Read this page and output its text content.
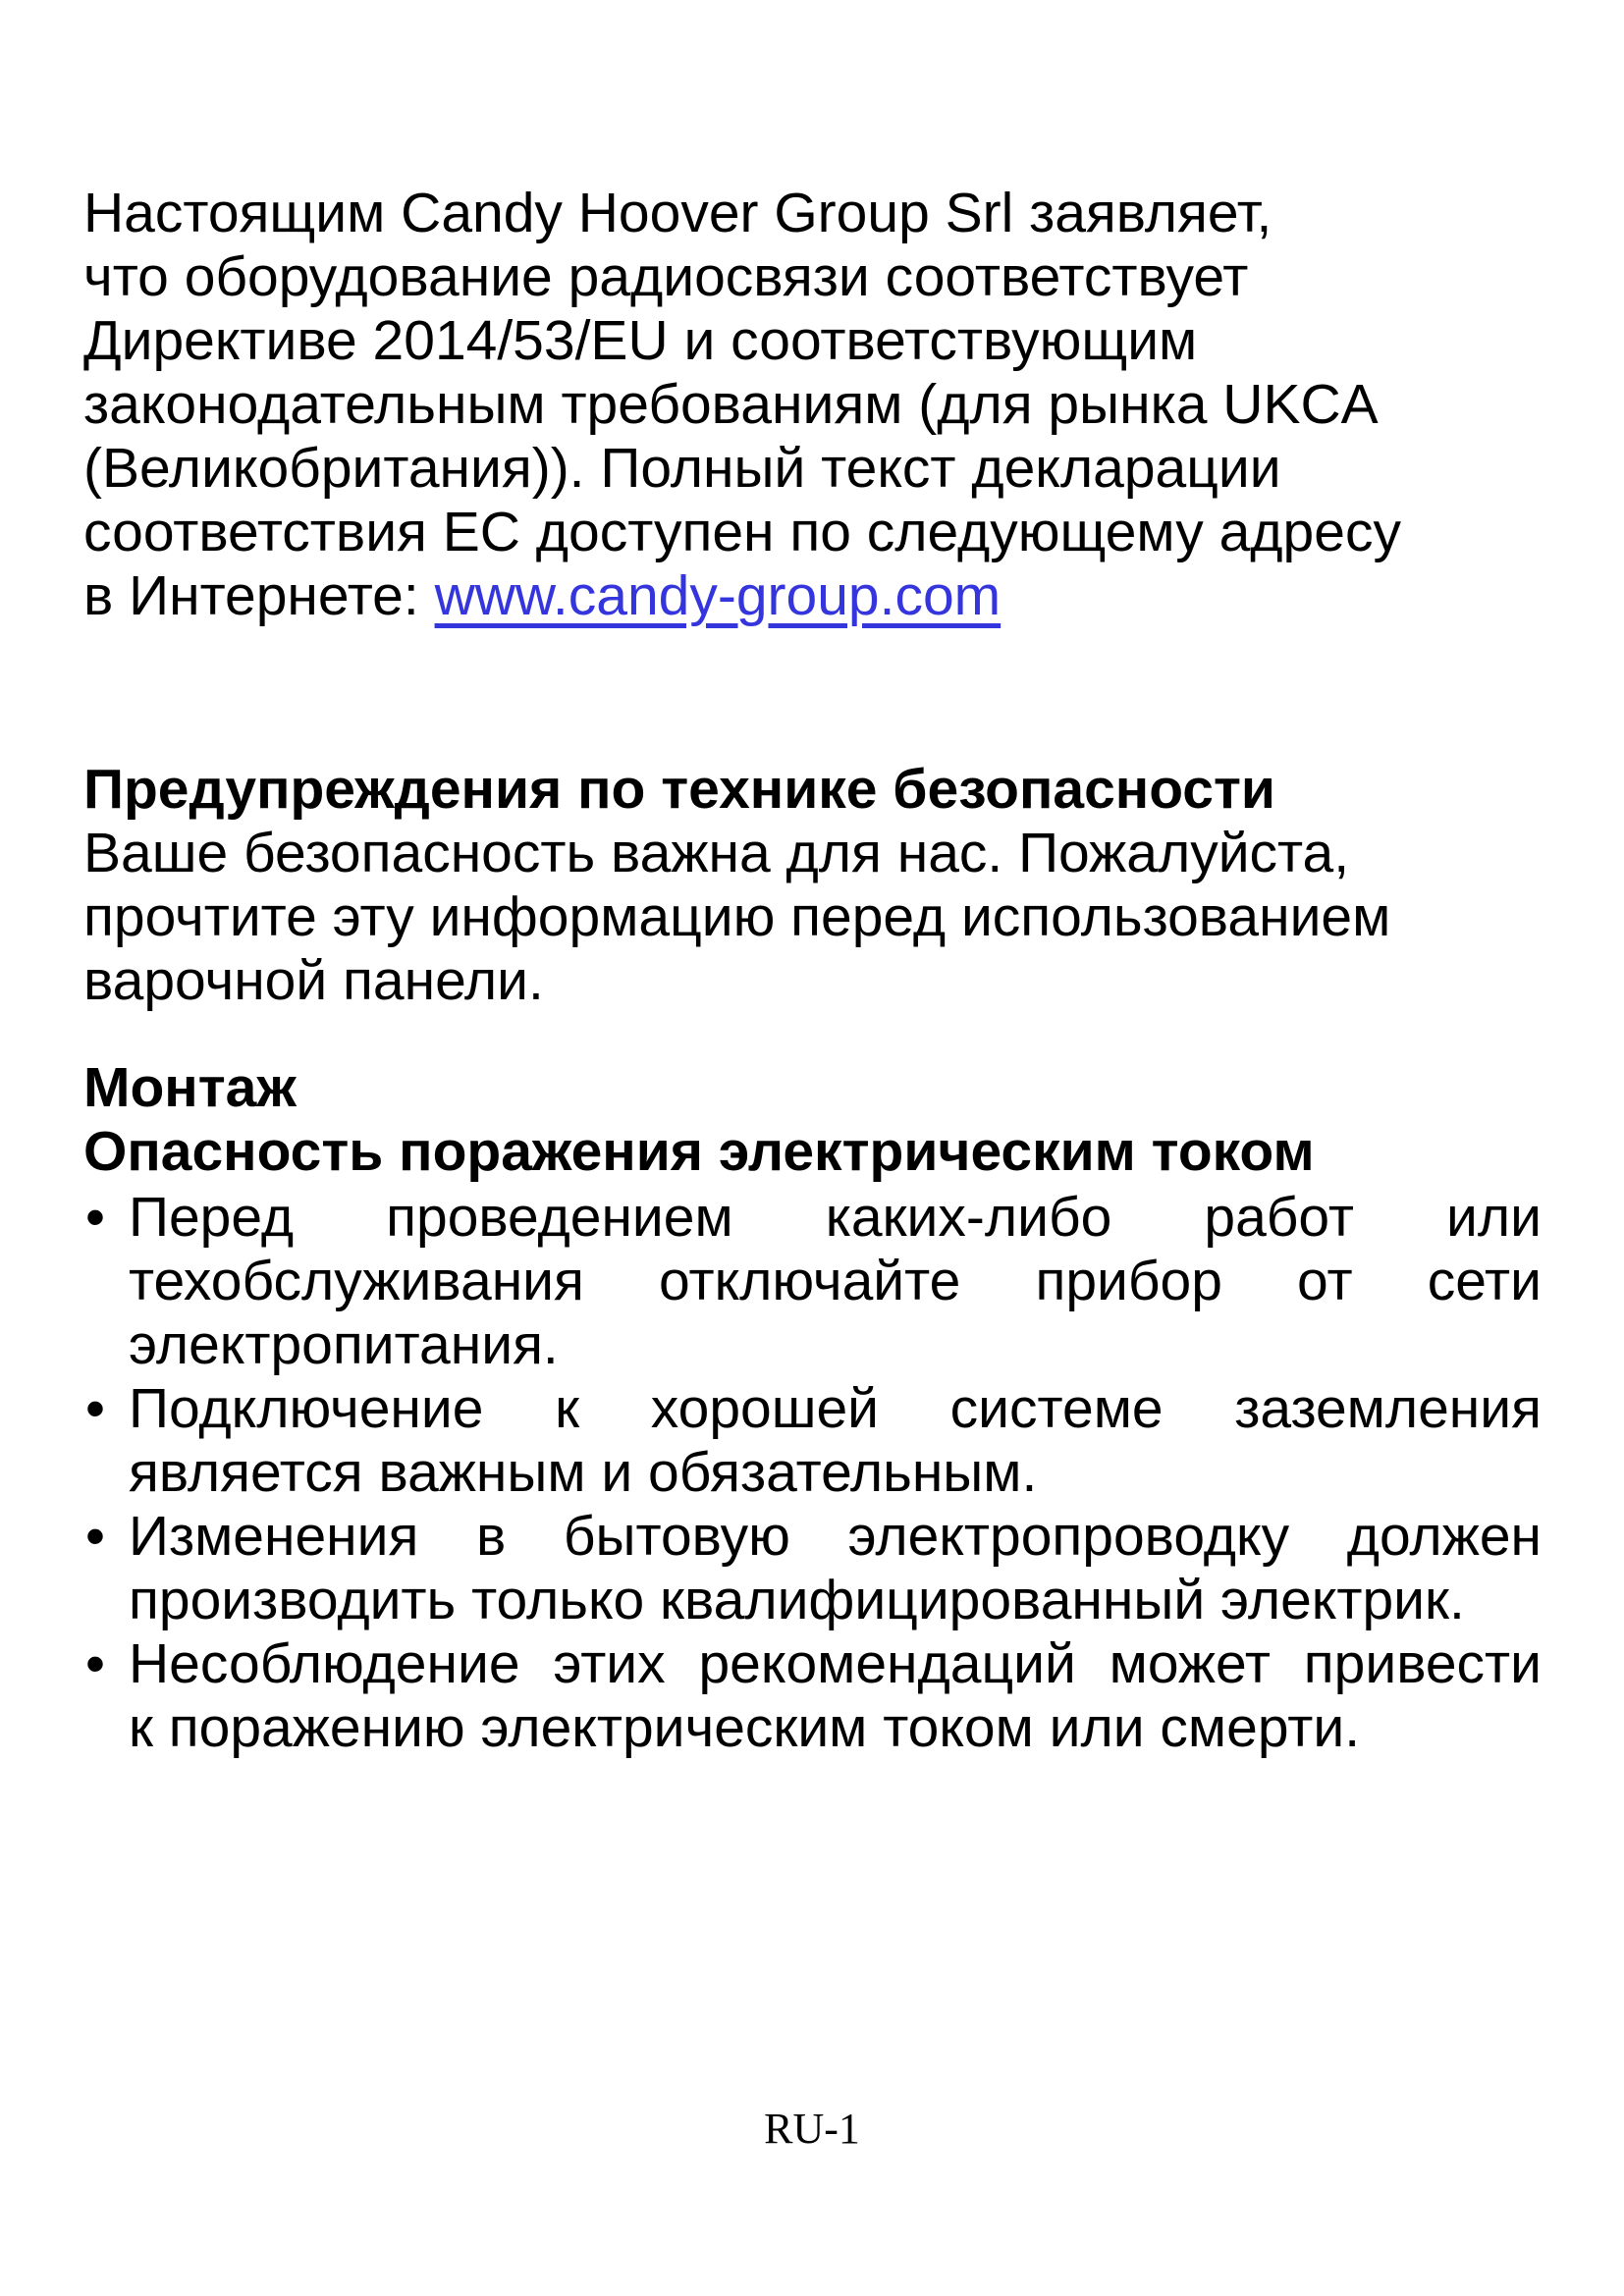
Настоящим Candy Hoover Group Srl заявляет,
что оборудование радиосвязи соответствует
Директиве 2014/53/EU и соответствующим
законодательным требованиям (для рынка UKCA
(Великобритания)). Полный текст декларации
соответствия ЕС доступен по следующему адресу
в Интернете: www.candy-group.com
Предупреждения по технике безопасности
Ваше безопасность важна для нас. Пожалуйста,
прочтите эту информацию перед использованием
варочной панели.
Монтаж
Опасность поражения электрическим током
• Перед проведением каких-либо работ или
техобслуживания отключайте прибор от сети
электропитания.
• Подключение к хорошей системе заземления
является важным и обязательным.
• Изменения в бытовую электропроводку должен
производить только квалифицированный электрик.
• Несоблюдение этих рекомендаций может привести
к поражению электрическим током или смерти.
RU-1
